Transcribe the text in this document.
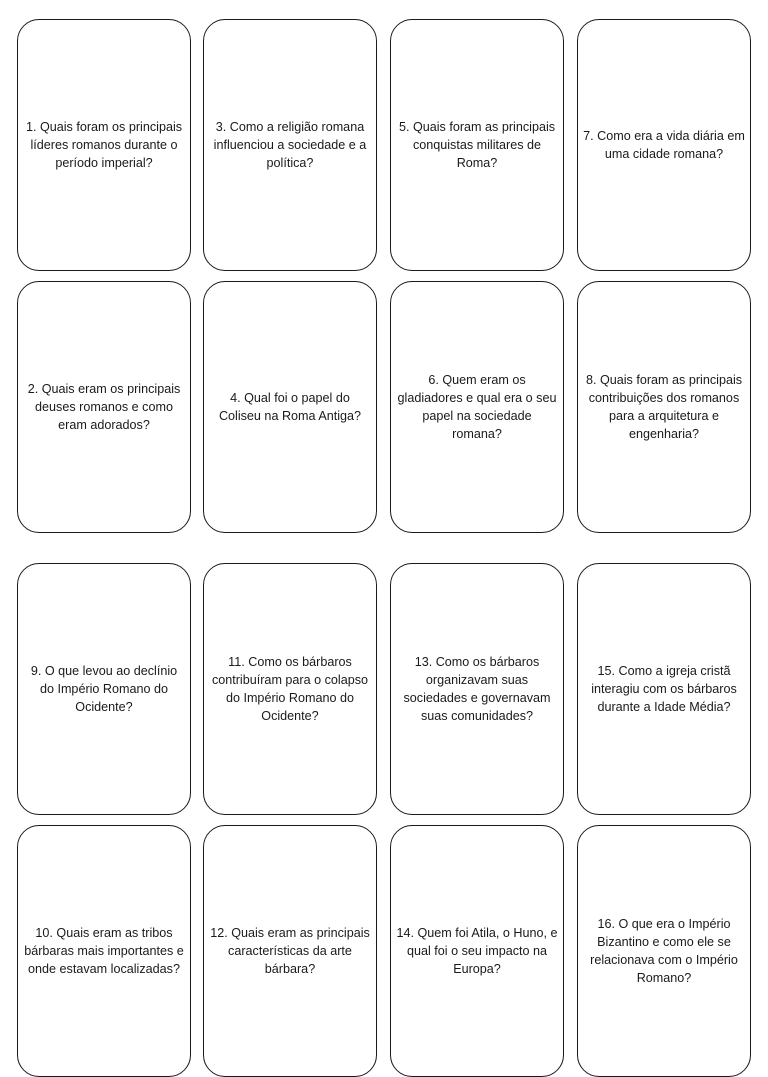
1. Quais foram os principais líderes romanos durante o período imperial?
3. Como a religião romana influenciou a sociedade e a política?
5. Quais foram as principais conquistas militares de Roma?
7. Como era a vida diária em uma cidade romana?
2. Quais eram os principais deuses romanos e como eram adorados?
4. Qual foi o papel do Coliseu na Roma Antiga?
6. Quem eram os gladiadores e qual era o seu papel na sociedade romana?
8. Quais foram as principais contribuições dos romanos para a arquitetura e engenharia?
9. O que levou ao declínio do Império Romano do Ocidente?
11. Como os bárbaros contribuíram para o colapso do Império Romano do Ocidente?
13. Como os bárbaros organizavam suas sociedades e governavam suas comunidades?
15. Como a igreja cristã interagiu com os bárbaros durante a Idade Média?
10. Quais eram as tribos bárbaras mais importantes e onde estavam localizadas?
12. Quais eram as principais características da arte bárbara?
14. Quem foi Atila, o Huno, e qual foi o seu impacto na Europa?
16. O que era o Império Bizantino e como ele se relacionava com o Império Romano?
